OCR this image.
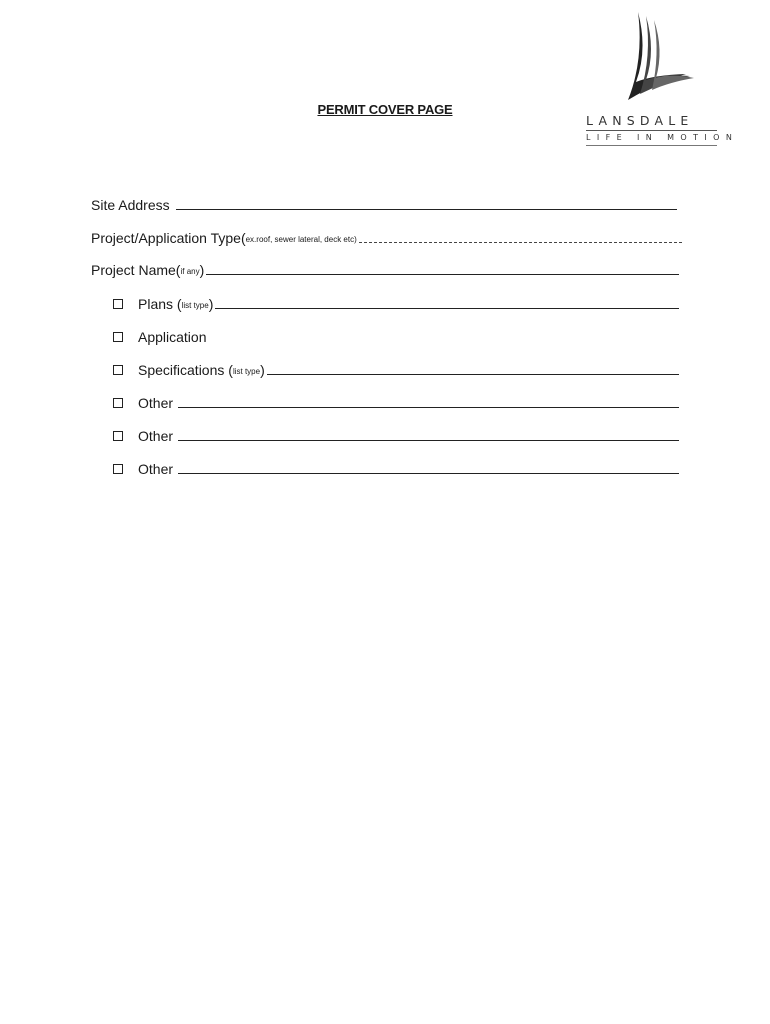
LANSDALE
LIFE IN MOTION
PERMIT COVER PAGE
Site Address
Project/Application Type( ex.roof, sewer lateral, deck etc)
Project Name( if any )
Plans ( list type )
Application
Specifications ( list type )
Other
Other
Other
